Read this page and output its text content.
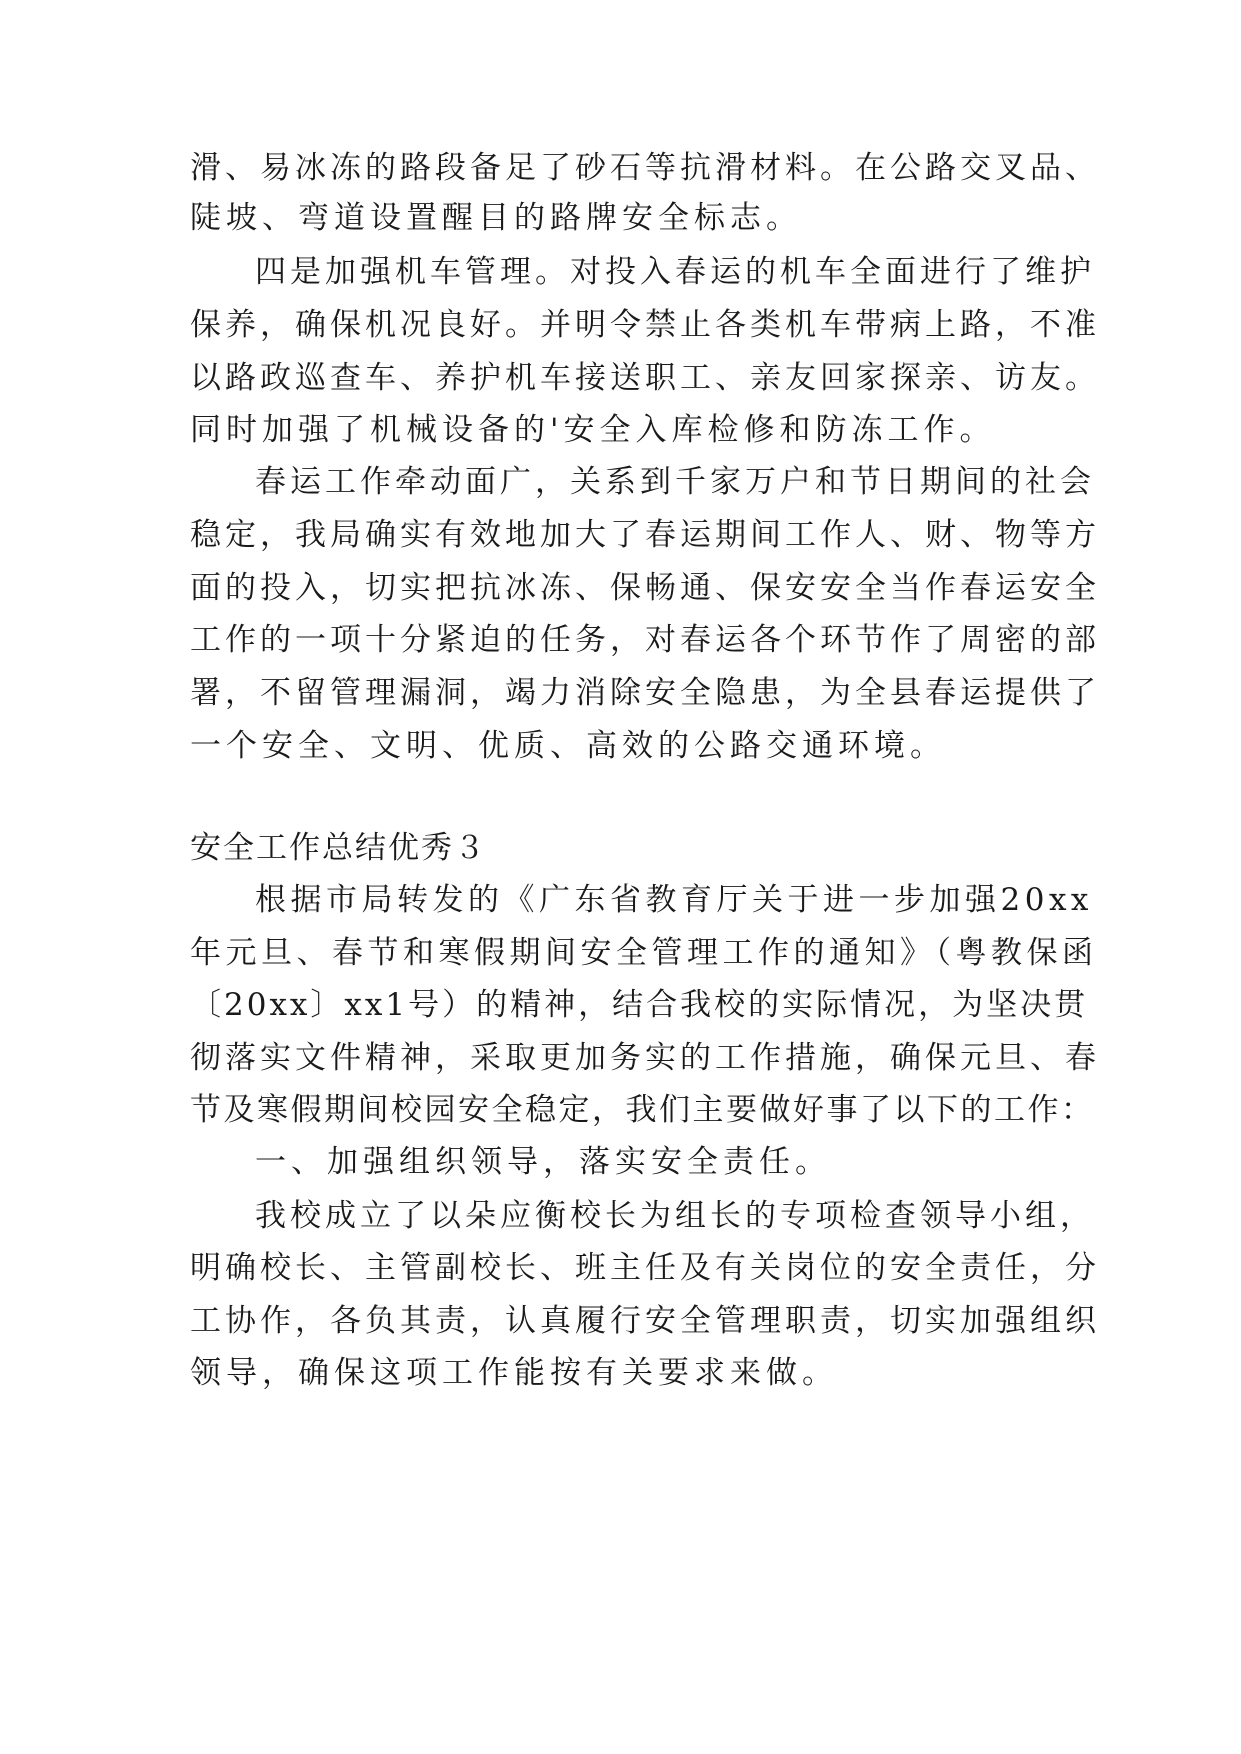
滑、易冰冻的路段备足了砂石等抗滑材料。在公路交叉品、
陡坡、弯道设置醒目的路牌安全标志。
四是加强机车管理。对投入春运的机车全面进行了维护
保养，确保机况良好。并明令禁止各类机车带病上路，不准
以路政巡查车、养护机车接送职工、亲友回家探亲、访友。
同时加强了机械设备的'安全入库检修和防冻工作。
春运工作牵动面广，关系到千家万户和节日期间的社会
稳定，我局确实有效地加大了春运期间工作人、财、物等方
面的投入，切实把抗冰冻、保畅通、保安安全当作春运安全
工作的一项十分紧迫的任务，对春运各个环节作了周密的部
署，不留管理漏洞，竭力消除安全隐患，为全县春运提供了
一个安全、文明、优质、高效的公路交通环境。
安全工作总结优秀３
根据市局转发的《广东省教育厅关于进一步加强20xx
年元旦、春节和寒假期间安全管理工作的通知》（粤教保函
〔20xx〕xx1号）的精神，结合我校的实际情况，为坚决贯
彻落实文件精神，采取更加务实的工作措施，确保元旦、春
节及寒假期间校园安全稳定，我们主要做好事了以下的工作：
一、加强组织领导，落实安全责任。
我校成立了以朵应衡校长为组长的专项检查领导小组，
明确校长、主管副校长、班主任及有关岗位的安全责任，分
工协作，各负其责，认真履行安全管理职责，切实加强组织
领导，确保这项工作能按有关要求来做。
